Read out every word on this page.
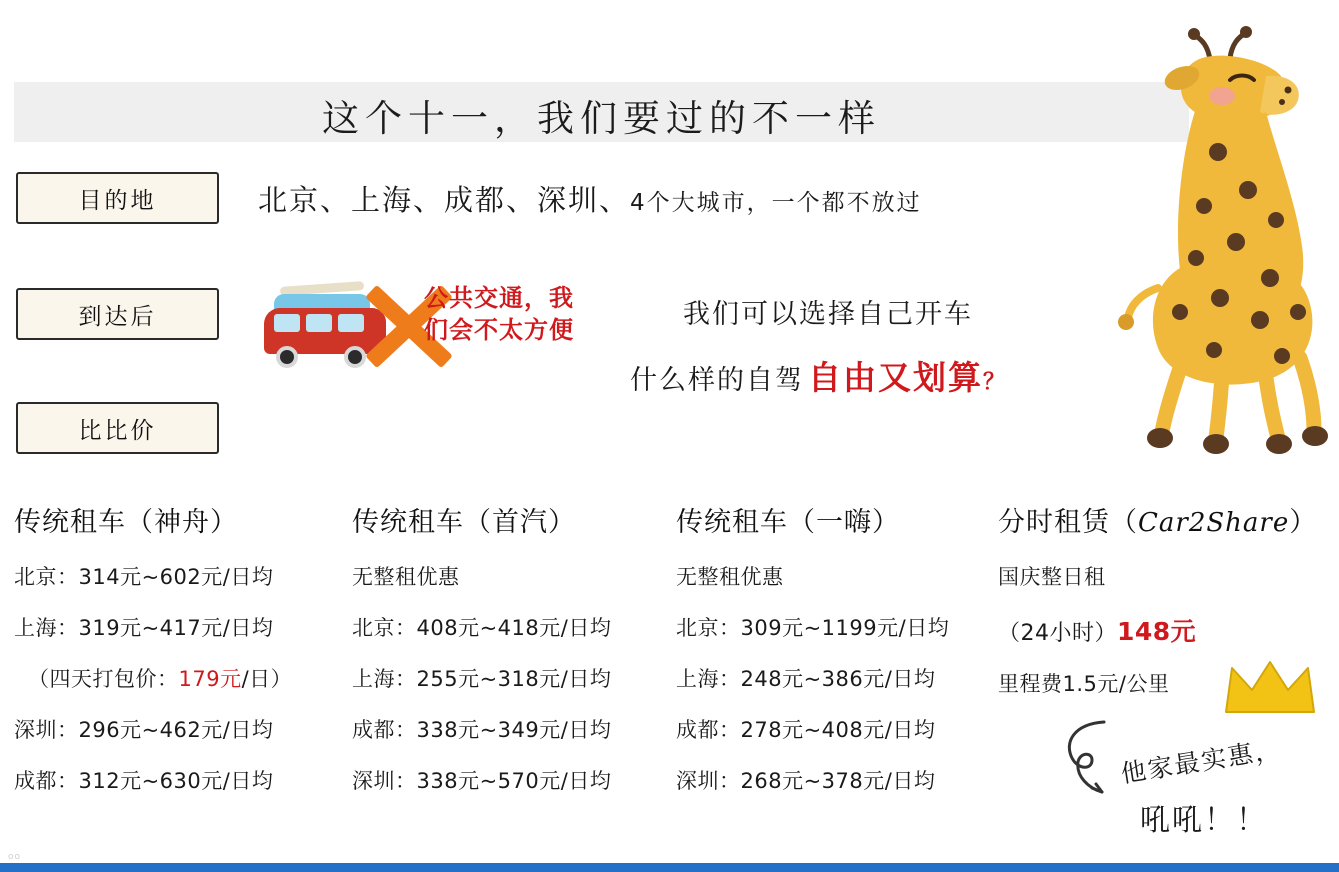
这个十一，我们要过的不一样
目的地
到达后
比比价
北京、上海、成都、深圳、4个大城市，一个都不放过
公共交通，我们会不太方便	我们可以选择自己开车
什么样的自驾 自由又划算 ？
传统租车（神舟）
北京：314元~602元/日均
上海：319元~417元/日均
（四天打包价：179元/日）
深圳：296元~462元/日均
成都：312元~630元/日均
传统租车（首汽）
无整租优惠
北京：408元~418元/日均
上海：255元~318元/日均
成都：338元~349元/日均
深圳：338元~570元/日均
传统租车（一嗨）
无整租优惠
北京：309元~1199元/日均
上海：248元~386元/日均
成都：278元~408元/日均
深圳：268元~378元/日均
分时租赁（Car2Share）
国庆整日租
（24小时）148元
里程费1.5元/公里
他家最实惠，
吼吼！！
oo
